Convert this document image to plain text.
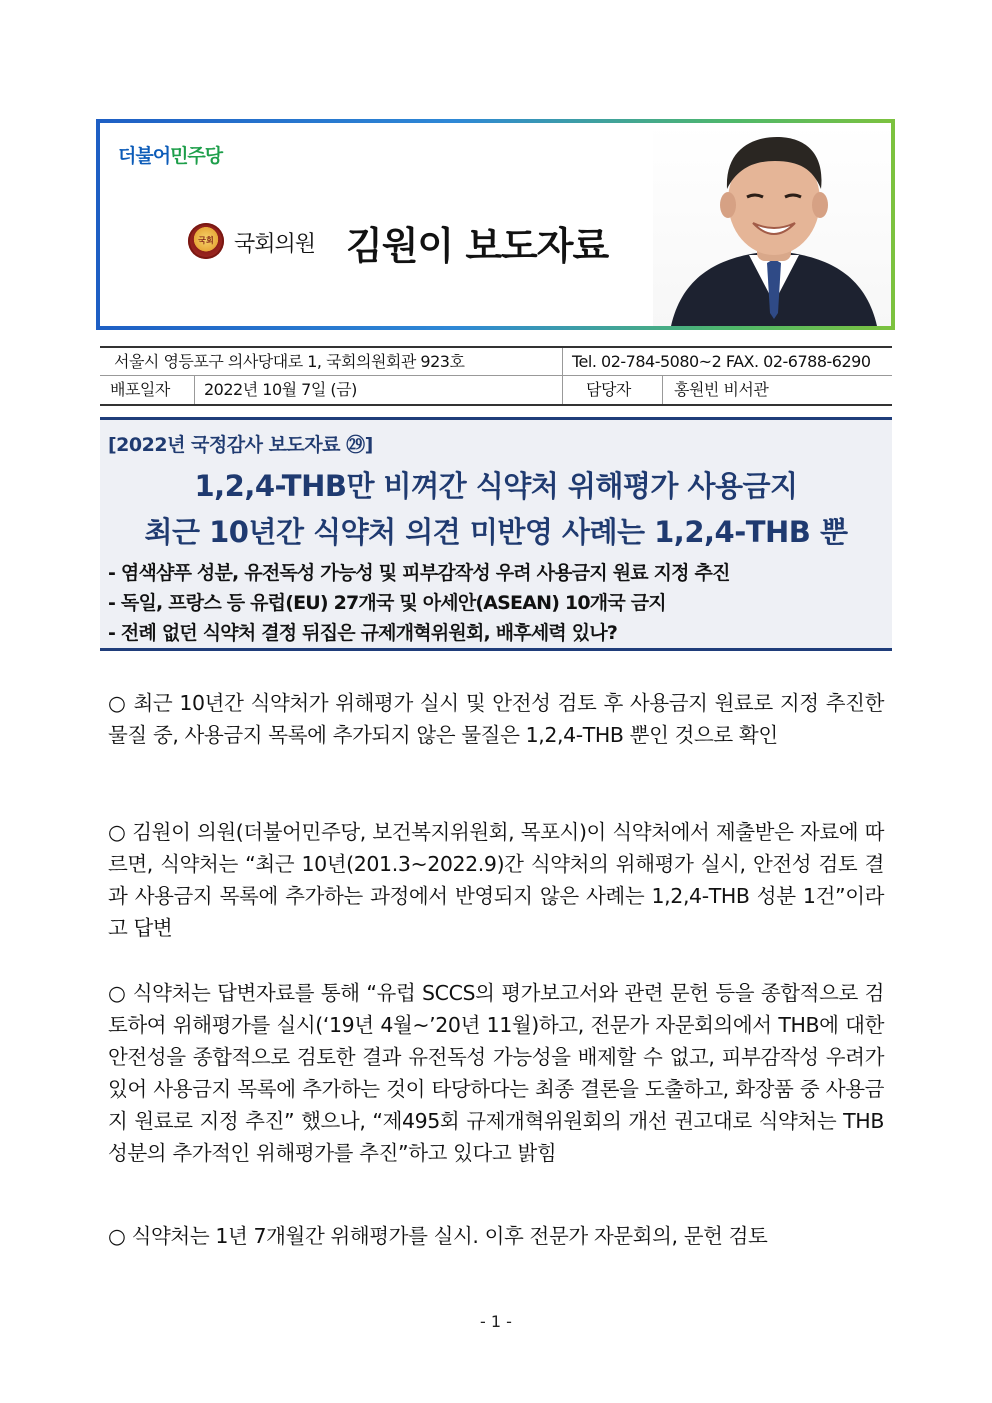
더불어민주당
국회 국회의원 김원이 보도자료
서울시 영등포구 의사당대로 1, 국회의원회관 923호	Tel. 02-784-5080~2 FAX. 02-6788-6290
배포일자 2022년 10월 7일 (금)	담당자	홍원빈 비서관
[2022년 국정감사 보도자료 ㉙]
1,2,4-THB만 비껴간 식약처 위해평가 사용금지
최근 10년간 식약처 의견 미반영 사례는 1,2,4-THB 뿐
- 염색샴푸 성분, 유전독성 가능성 및 피부감작성 우려 사용금지 원료 지정 추진
- 독일, 프랑스 등 유럽(EU) 27개국 및 아세안(ASEAN) 10개국 금지
- 전례 없던 식약처 결정 뒤집은 규제개혁위원회, 배후세력 있나?
○ 최근 10년간 식약처가 위해평가 실시 및 안전성 검토 후 사용금지 원료로 지정 추진한 물질 중, 사용금지 목록에 추가되지 않은 물질은 1,2,4-THB 뿐인 것으로 확인
○ 김원이 의원(더불어민주당, 보건복지위원회, 목포시)이 식약처에서 제출받은 자료에 따르면, 식약처는 “최근 10년(201.3~2022.9)간 식약처의 위해평가 실시, 안전성 검토 결과 사용금지 목록에 추가하는 과정에서 반영되지 않은 사례는 1,2,4-THB 성분 1건”이라고 답변
○ 식약처는 답변자료를 통해 “유럽 SCCS의 평가보고서와 관련 문헌 등을 종합적으로 검토하여 위해평가를 실시(‘19년 4월~’20년 11월)하고, 전문가 자문회의에서 THB에 대한 안전성을 종합적으로 검토한 결과 유전독성 가능성을 배제할 수 없고, 피부감작성 우려가 있어 사용금지 목록에 추가하는 것이 타당하다는 최종 결론을 도출하고, 화장품 중 사용금지 원료로 지정 추진” 했으나, “제495회 규제개혁위원회의 개선 권고대로 식약처는 THB 성분의 추가적인 위해평가를 추진”하고 있다고 밝힘
○ 식약처는 1년 7개월간 위해평가를 실시. 이후 전문가 자문회의, 문헌 검토
- 1 -
